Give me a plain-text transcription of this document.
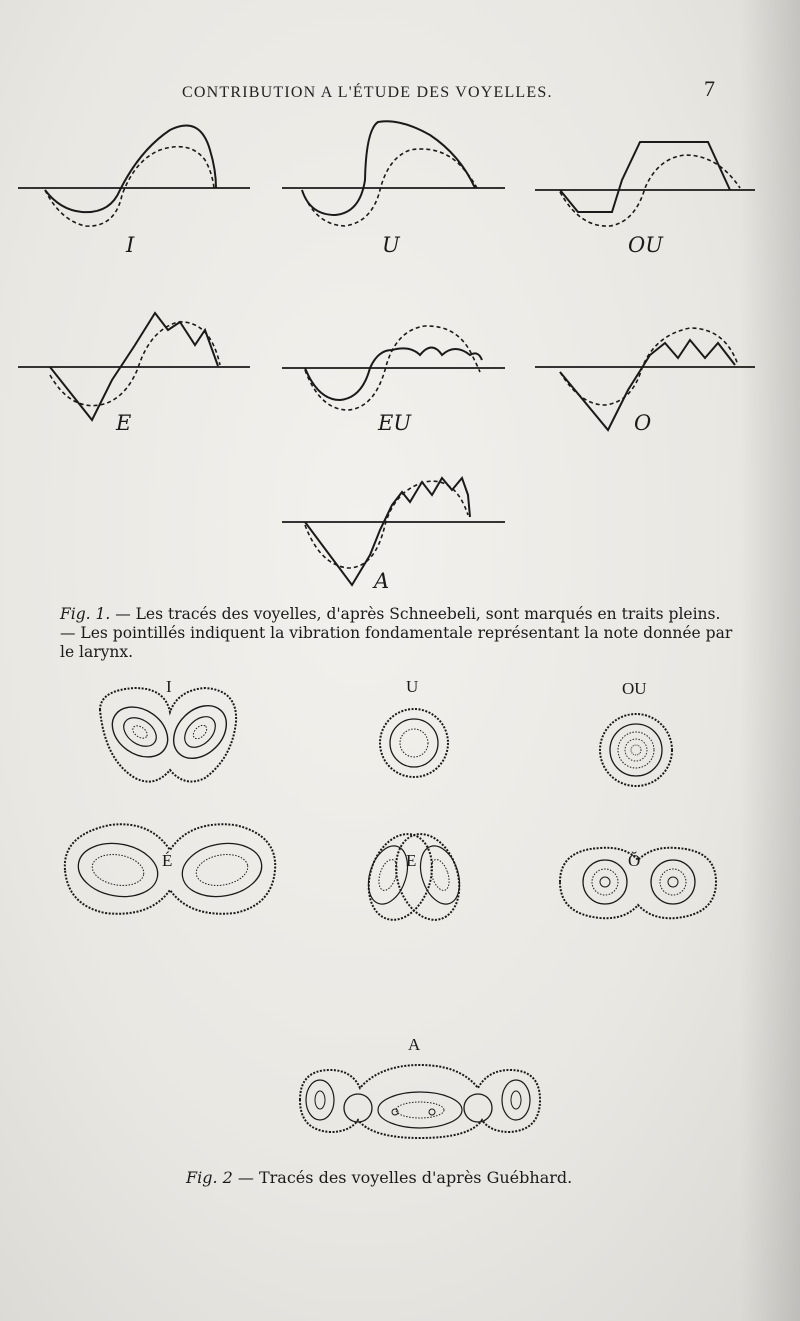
CONTRIBUTION A L'ÉTUDE DES VOYELLES.	7
I	U	OU
E	EU	O
A
Fig. 1. — Les tracés des voyelles, d'après Schneebeli, sont marqués en traits pleins. — Les pointillés indiquent la vibration fondamentale représentant la note donnée par le larynx.
I	U	OU
É	E	Ŏ
A
Fig. 2 — Tracés des voyelles d'après Guébhard.
